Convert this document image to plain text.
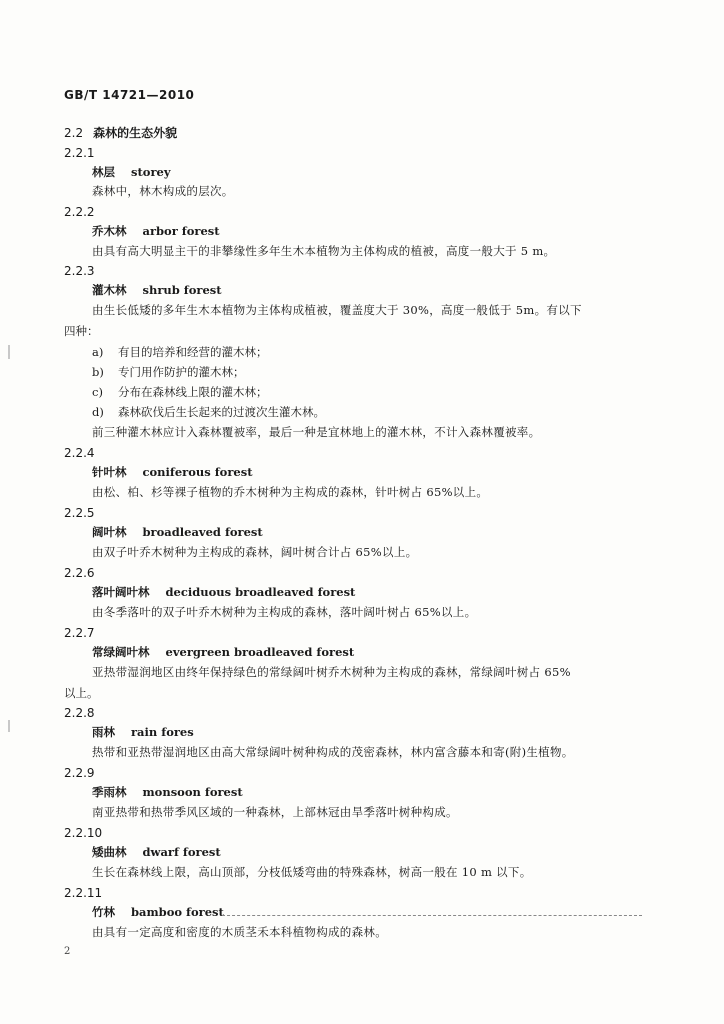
GB/T 14721—2010
2.2 森林的生态外貌
2.2.1
林层 storey
森林中，林木构成的层次。
2.2.2
乔木林 arbor forest
由具有高大明显主干的非攀缘性多年生木本植物为主体构成的植被，高度一般大于 5 m。
2.2.3
灌木林 shrub forest
由生长低矮的多年生木本植物为主体构成植被，覆盖度大于 30%，高度一般低于 5m。有以下
四种：
a) 有目的培养和经营的灌木林；
b) 专门用作防护的灌木林；
c) 分布在森林线上限的灌木林；
d) 森林砍伐后生长起来的过渡次生灌木林。
前三种灌木林应计入森林覆被率，最后一种是宜林地上的灌木林，不计入森林覆被率。
2.2.4
针叶林 coniferous forest
由松、柏、杉等裸子植物的乔木树种为主构成的森林，针叶树占 65%以上。
2.2.5
阔叶林 broadleaved forest
由双子叶乔木树种为主构成的森林，阔叶树合计占 65%以上。
2.2.6
落叶阔叶林 deciduous broadleaved forest
由冬季落叶的双子叶乔木树种为主构成的森林，落叶阔叶树占 65%以上。
2.2.7
常绿阔叶林 evergreen broadleaved forest
亚热带湿润地区由终年保持绿色的常绿阔叶树乔木树种为主构成的森林，常绿阔叶树占 65%
以上。
2.2.8
雨林 rain fores
热带和亚热带湿润地区由高大常绿阔叶树种构成的茂密森林，林内富含藤本和寄(附)生植物。
2.2.9
季雨林 monsoon forest
南亚热带和热带季风区域的一种森林，上部林冠由旱季落叶树种构成。
2.2.10
矮曲林 dwarf forest
生长在森林线上限，高山顶部，分枝低矮弯曲的特殊森林，树高一般在 10 m 以下。
2.2.11
竹林 bamboo forest
由具有一定高度和密度的木质茎禾本科植物构成的森林。
2
